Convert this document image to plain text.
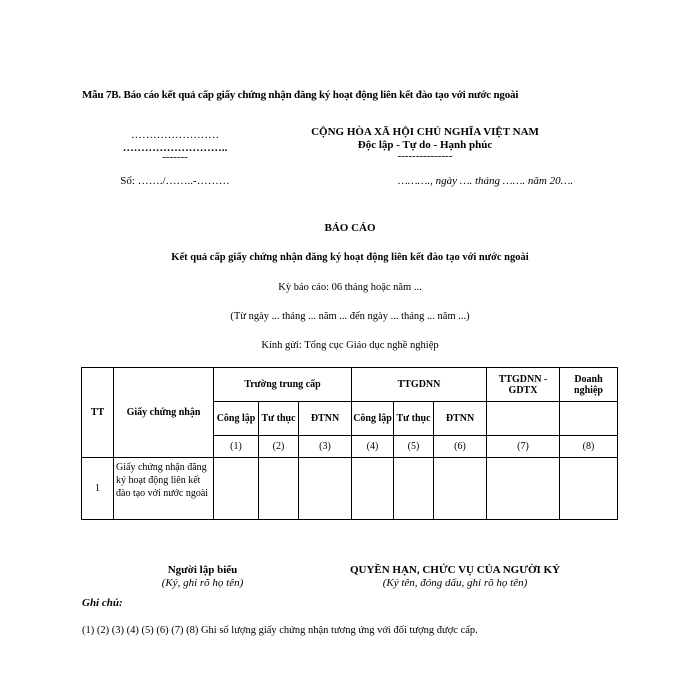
Mẫu 7B. Báo cáo kết quả cấp giấy chứng nhận đăng ký hoạt động liên kết đào tạo với nước ngoài
……………………
………………………..
-------
Số: ……./……..-………
CỘNG HÒA XÃ HỘI CHỦ NGHĨA VIỆT NAM
Độc lập - Tự do - Hạnh phúc
---------------
………., ngày …. tháng ……. năm 20….
BÁO CÁO
Kết quả cấp giấy chứng nhận đăng ký hoạt động liên kết đào tạo với nước ngoài
Kỳ báo cáo: 06 tháng hoặc năm ...
(Từ ngày ... tháng ... năm ... đến ngày ... tháng ... năm ...)
Kính gửi: Tổng cục Giáo dục nghề nghiệp
TT	Giấy chứng nhận	Trường trung cấp			TTGDNN			TTGDNN - GDTX	Doanh nghiệp
		Công lập	Tư thục	ĐTNN	Công lập	Tư thục	ĐTNN		
		(1)	(2)	(3)	(4)	(5)	(6)	(7)	(8)
1	Giấy chứng nhận đăng ký hoạt động liên kết đào tạo với nước ngoài								
Người lập biểu
(Ký, ghi rõ họ tên)
QUYỀN HẠN, CHỨC VỤ CỦA NGƯỜI KÝ
(Ký tên, đóng dấu, ghi rõ họ tên)
Ghi chú:
(1) (2) (3) (4) (5) (6) (7) (8) Ghi số lượng giấy chứng nhận tương ứng với đối tượng được cấp.
